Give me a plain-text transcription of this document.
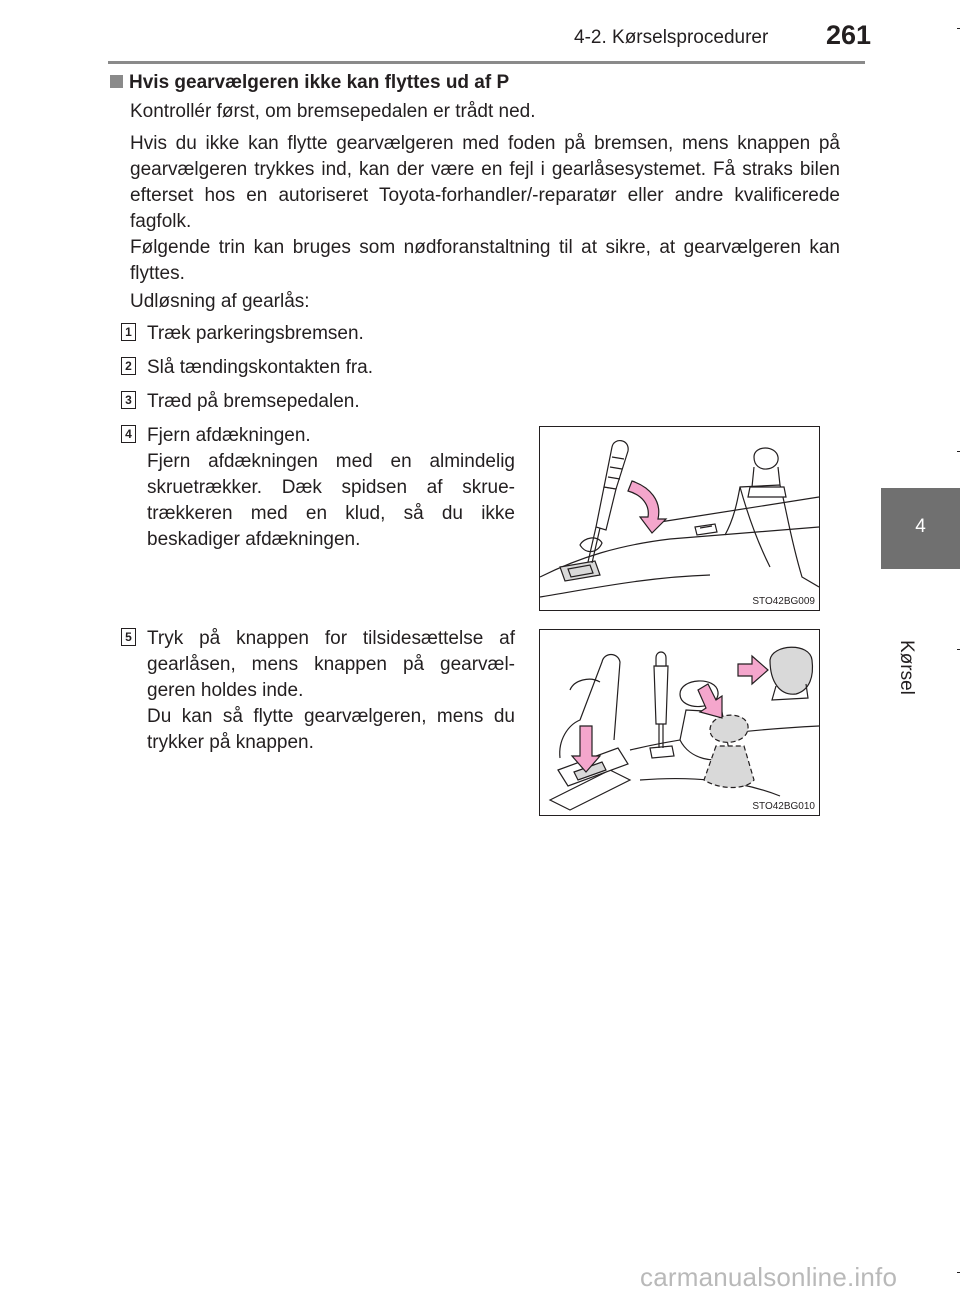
4-2. Kørselsprocedurer 261
4
Kørsel
Hvis gearvælgeren ikke kan flyttes ud af P

Kontrollér først, om bremsepedalen er trådt ned.

Hvis du ikke kan flytte gearvælgeren med foden på bremsen, mens knappen på gearvælgeren trykkes ind, kan der være en fejl i gearlåsesystemet. Få straks bilen efterset hos en autoriseret Toyota-forhandler/-reparatør eller andre kvalificerede fagfolk.

Følgende trin kan bruges som nødforanstaltning til at sikre, at gearvælgeren kan flyttes.

Udløsning af gearlås:

1 Træk parkeringsbremsen.

2 Slå tændingskontakten fra.

3 Træd på bremsepedalen.

4 Fjern afdækningen.
Fjern afdækningen med en almindelig skruetrækker. Dæk spidsen af skrue-trækkeren med en klud, så du ikke beskadiger afdækningen.
STO42BG009
5 Tryk på knappen for tilsidesættelse af gearlåsen, mens knappen på gearvæl-geren holdes inde.
Du kan så flytte gearvælgeren, mens du trykker på knappen.
STO42BG010
carmanualsonline.info
